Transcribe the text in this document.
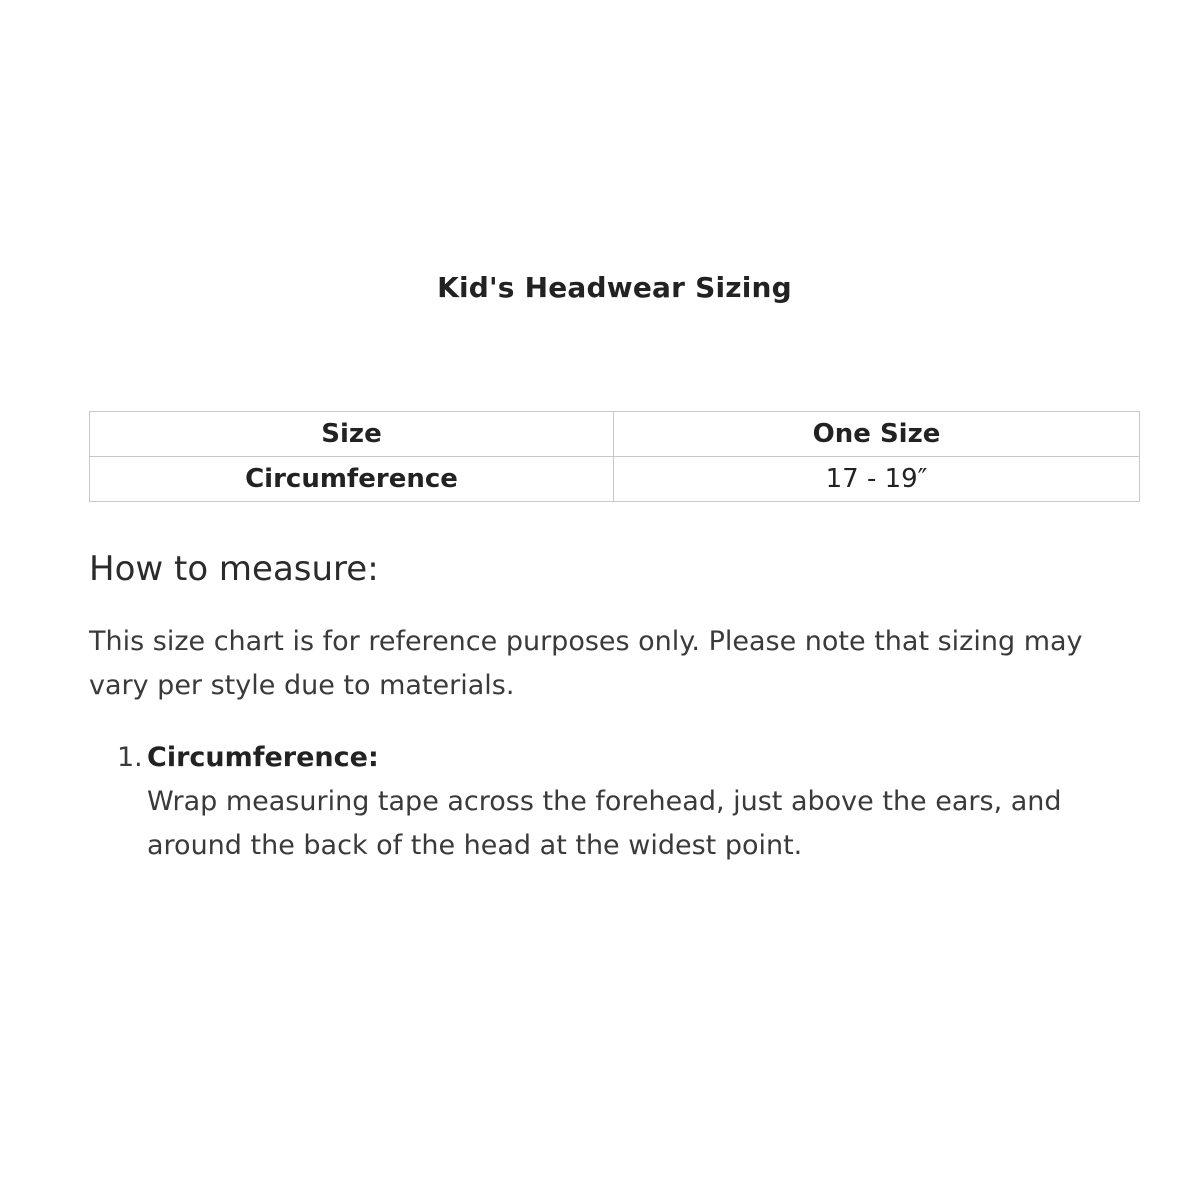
Kid's Headwear Sizing
Size	One Size
Circumference	17 - 19″
How to measure:
This size chart is for reference purposes only. Please note that sizing may vary per style due to materials.
1. Circumference:
Wrap measuring tape across the forehead, just above the ears, and around the back of the head at the widest point.
